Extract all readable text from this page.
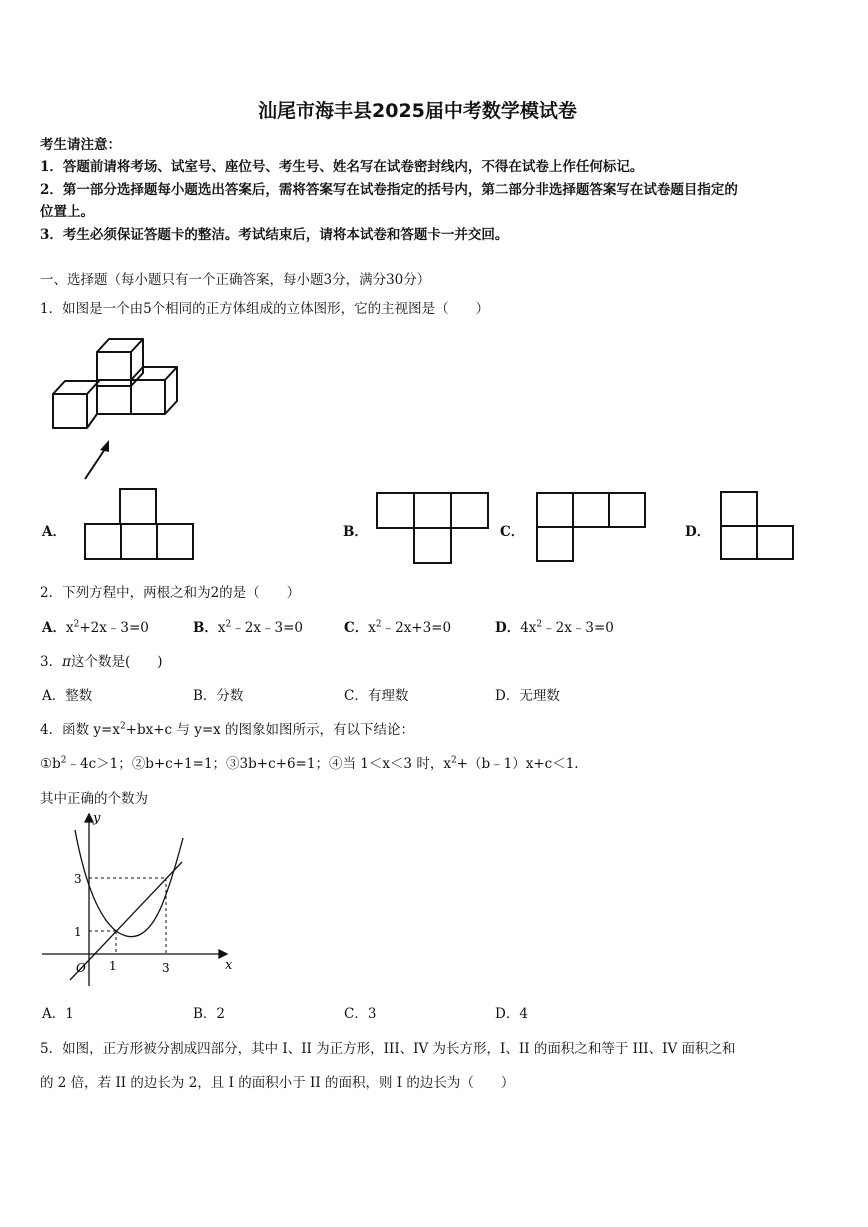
汕尾市海丰县2025届中考数学模试卷
考生请注意：
1．答题前请将考场、试室号、座位号、考生号、姓名写在试卷密封线内，不得在试卷上作任何标记。
2．第一部分选择题每小题选出答案后，需将答案写在试卷指定的括号内，第二部分非选择题答案写在试卷题目指定的
位置上。
3．考生必须保证答题卡的整洁。考试结束后，请将本试卷和答题卡一并交回。
一、选择题（每小题只有一个正确答案，每小题3分，满分30分）
1．如图是一个由5个相同的正方体组成的立体图形，它的主视图是（　　）
A．	B．	C．	D．
2．下列方程中，两根之和为2的是（　　）
A．$x^2+2x﹣3=0$	B．$x^2﹣2x﹣3=0$	C．$x^2﹣2x+3=0$	D．$4x^2﹣2x﹣3=0$
3．π这个数是(　　)
A．整数	B．分数	C．有理数	D．无理数
4．函数 $y=x^2+bx+c$ 与 y=x 的图象如图所示，有以下结论：
$①b^2﹣4c>1$；②b+c+1=1；③3b+c+6=1；④当 1＜x＜3 时，$x^2+(b﹣1)x+c<1$.
其中正确的个数为
y
x
O 1	3
1
3
A．1	B．2	C．3	D．4
5．如图，正方形被分割成四部分，其中 I、II 为正方形，III、IV 为长方形，I、II 的面积之和等于 III、IV 面积之和
的 2 倍，若 II 的边长为 2，且 I 的面积小于 II 的面积，则 I 的边长为（　　）
